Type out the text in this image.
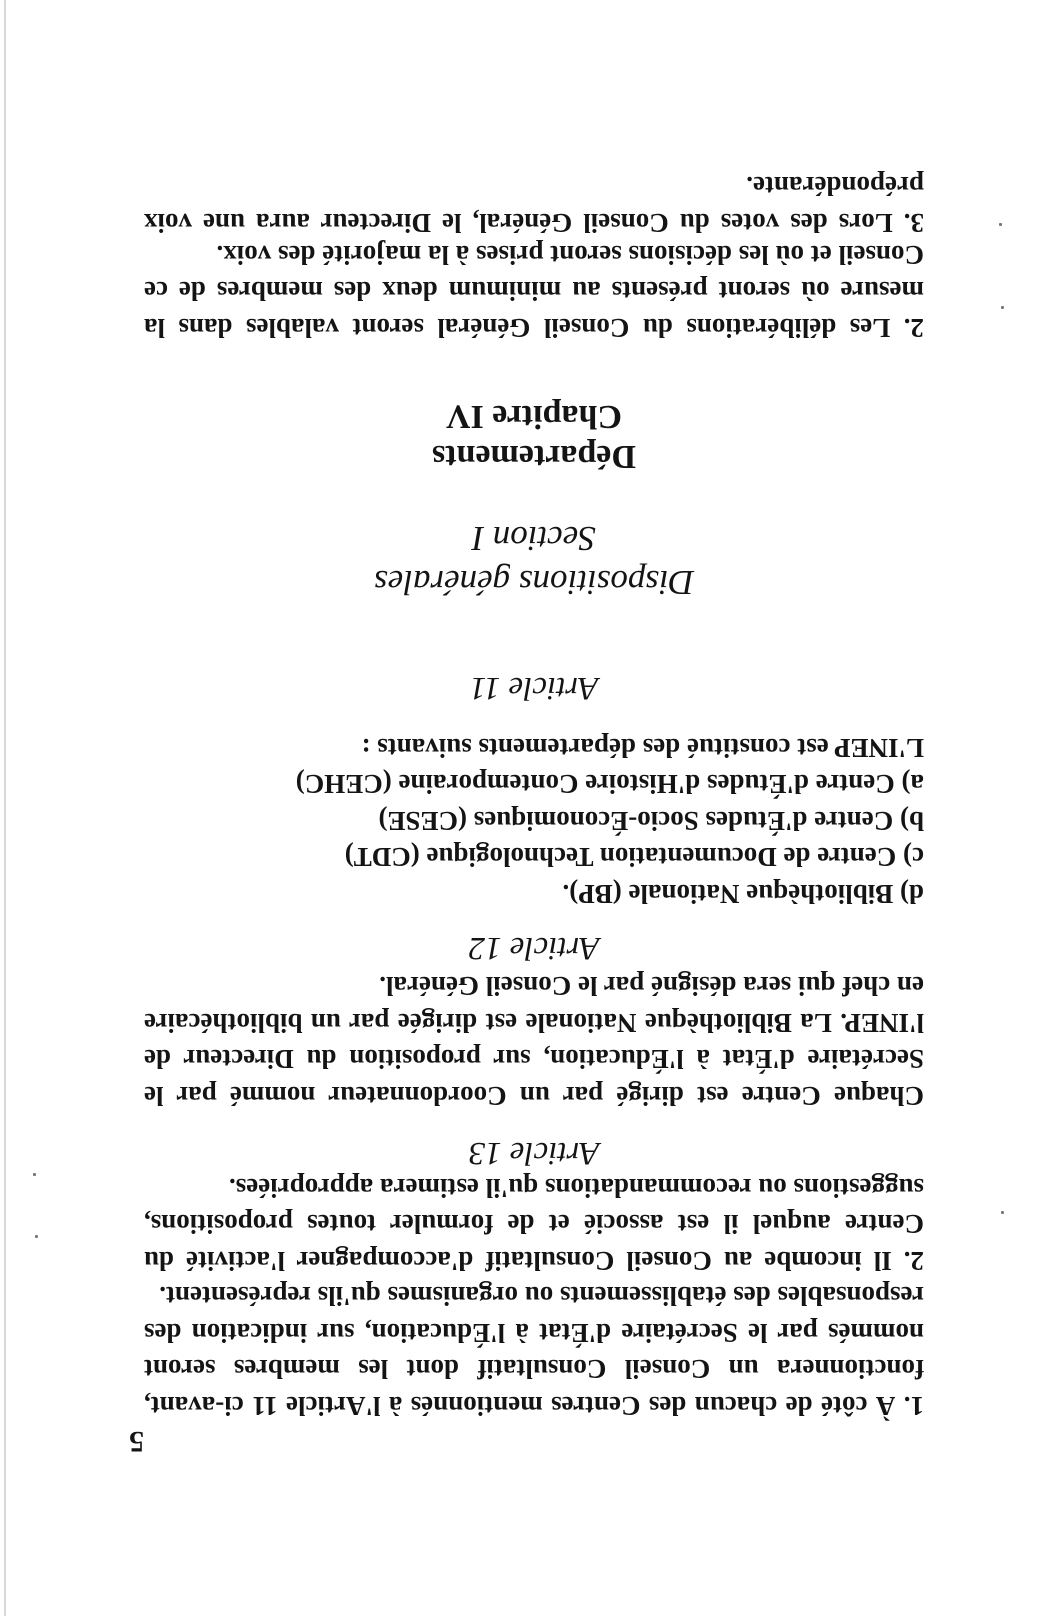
5

1. À côté de chacun des Centres mentionnés à l'Article 11 ci-avant, fonctionnera un Conseil Consultatif dont les membres seront nommés par le Secrétaire d'État à l'Éducation, sur indication des responsables des établissements ou organismes qu'ils représentent.

2. Il incombe au Conseil Consultatif d'accompagner l'activité du Centre auquel il est associé et de formuler toutes propositions, suggestions ou recommandations qu'il estimera appropriées.

Article 13

Chaque Centre est dirigé par un Coordonnateur nommé par le Secrétaire d'État à l'Éducation, sur proposition du Directeur de l'INEP. La Bibliothèque Nationale est dirigée par un bibliothécaire en chef qui sera désigné par le Conseil Général.

Article 12
d) Bibliothèque Nationale (BP).
c) Centre de Documentation Technologique (CDT)
b) Centre d'Études Socio-Économiques (CESE)
a) Centre d'Études d'Histoire Contemporaine (CEHC)
L'INEP est constitué des départements suivants :
Article 11
Dispositions générales
Section I
Départements
Chapitre IV

2. Les délibérations du Conseil Général seront valables dans la mesure où seront présents au minimum deux des membres de ce Conseil et où les décisions seront prises à la majorité des voix.

3. Lors des votes du Conseil Général, le Directeur aura une voix prépondérante.
